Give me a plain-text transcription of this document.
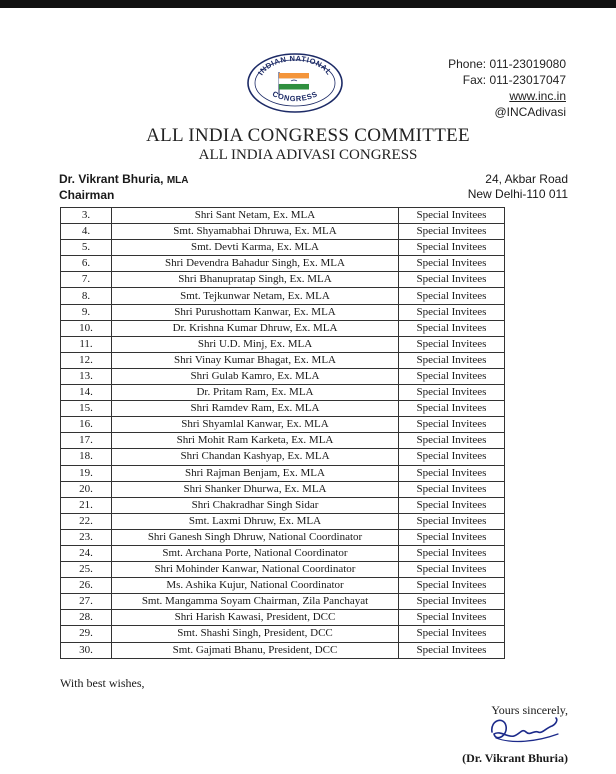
INDIAN NATIONAL
CONGRESS
Phone: 011-23019080
Fax: 011-23017047
www.inc.in
@INCAdivasi
ALL INDIA CONGRESS COMMITTEE
ALL INDIA ADIVASI CONGRESS
Dr. Vikrant Bhuria, MLA
Chairman
24, Akbar Road
New Delhi-110 011
3.	Shri Sant Netam, Ex. MLA	Special Invitees
4.	Smt. Shyamabhai Dhruwa, Ex. MLA	Special Invitees
5.	Smt. Devti Karma, Ex. MLA	Special Invitees
6.	Shri Devendra Bahadur Singh, Ex. MLA	Special Invitees
7.	Shri Bhanupratap Singh, Ex. MLA	Special Invitees
8.	Smt. Tejkunwar Netam, Ex. MLA	Special Invitees
9.	Shri Purushottam Kanwar, Ex. MLA	Special Invitees
10.	Dr. Krishna Kumar Dhruw, Ex. MLA	Special Invitees
11.	Shri U.D. Minj, Ex. MLA	Special Invitees
12.	Shri Vinay Kumar Bhagat, Ex. MLA	Special Invitees
13.	Shri Gulab Kamro, Ex. MLA	Special Invitees
14.	Dr. Pritam Ram, Ex. MLA	Special Invitees
15.	Shri Ramdev Ram, Ex. MLA	Special Invitees
16.	Shri Shyamlal Kanwar, Ex. MLA	Special Invitees
17.	Shri Mohit Ram Karketa, Ex. MLA	Special Invitees
18.	Shri Chandan Kashyap, Ex. MLA	Special Invitees
19.	Shri Rajman Benjam, Ex. MLA	Special Invitees
20.	Shri Shanker Dhurwa, Ex. MLA	Special Invitees
21.	Shri Chakradhar Singh Sidar	Special Invitees
22.	Smt. Laxmi Dhruw, Ex. MLA	Special Invitees
23.	Shri Ganesh Singh Dhruw, National Coordinator	Special Invitees
24.	Smt. Archana Porte, National Coordinator	Special Invitees
25.	Shri Mohinder Kanwar, National Coordinator	Special Invitees
26.	Ms. Ashika Kujur, National Coordinator	Special Invitees
27.	Smt. Mangamma Soyam Chairman, Zila Panchayat	Special Invitees
28.	Shri Harish Kawasi, President, DCC	Special Invitees
29.	Smt. Shashi Singh, President, DCC	Special Invitees
30.	Smt. Gajmati Bhanu, President, DCC	Special Invitees
With best wishes,
Yours sincerely,
(Dr. Vikrant Bhuria)
